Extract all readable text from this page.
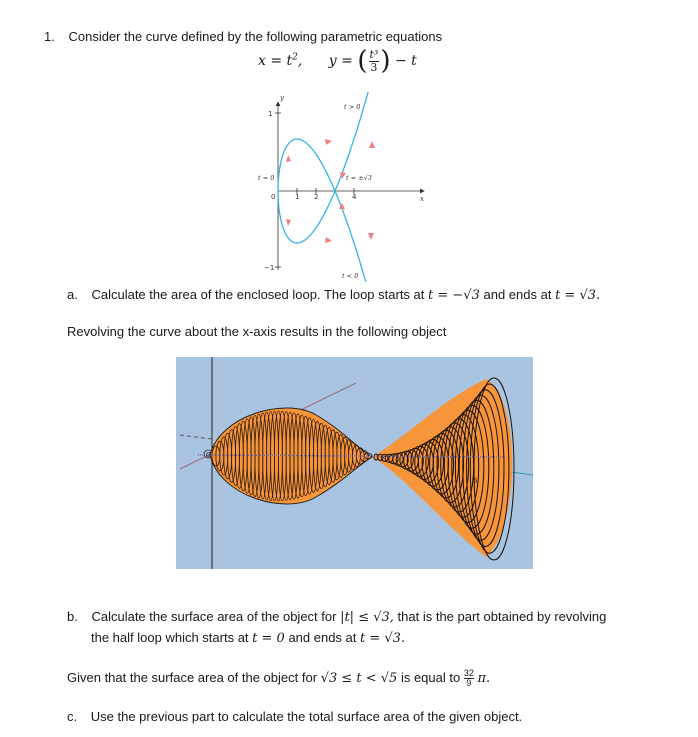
1. Consider the curve defined by the following parametric equations
$x = t^2$, y = ( $\frac{\text{t³}}{3}$ ) − t
y
x
1
−1
0	1 2	4
t = 0
t > 0
t < 0
t = ±√3
a. Calculate the area of the enclosed loop. The loop starts at t = −√3 and ends at t = √3.
Revolving the curve about the x-axis results in the following object
0
5
b. Calculate the surface area of the object for |t| ≤ √3, that is the part obtained by revolving
the half loop which starts at t = 0 and ends at t = √3.
Given that the surface area of the object for √3 ≤ t < √5 is equal to $\frac{32}{9} \pi$.
c. Use the previous part to calculate the total surface area of the given object.
